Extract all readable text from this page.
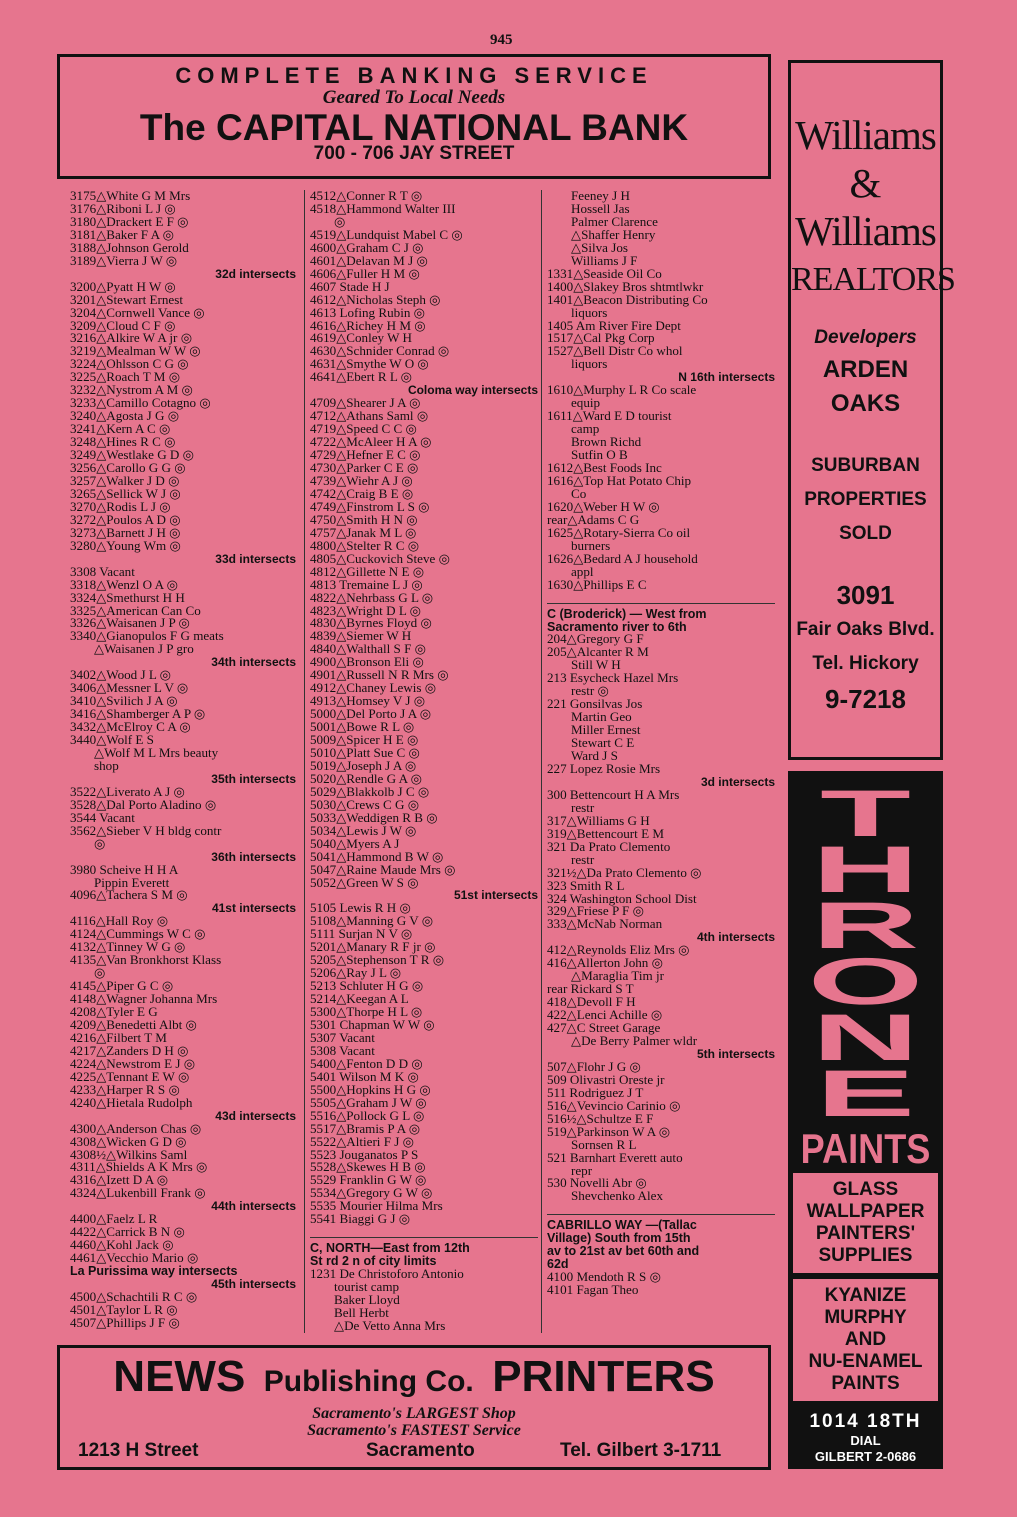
945
COMPLETE BANKING SERVICE
Geared To Local Needs
The CAPITAL NATIONAL BANK
700 - 706 JAY STREET
3175△White G M Mrs
3176△Riboni L J ◎
3180△Drackert E F ◎
3181△Baker F A ◎
3188△Johnson Gerold
3189△Vierra J W ◎
32d intersects
3200△Pyatt H W ◎
3201△Stewart Ernest
3204△Cornwell Vance ◎
3209△Cloud C F ◎
3216△Alkire W A jr ◎
3219△Mealman W W ◎
3224△Ohlsson C G ◎
3225△Roach T M ◎
3232△Nystrom A M ◎
3233△Camillo Cotagno ◎
3240△Agosta J G ◎
3241△Kern A C ◎
3248△Hines R C ◎
3249△Westlake G D ◎
3256△Carollo G G ◎
3257△Walker J D ◎
3265△Sellick W J ◎
3270△Rodis L J ◎
3272△Poulos A D ◎
3273△Barnett J H ◎
3280△Young Wm ◎
33d intersects
3308 Vacant
3318△Wenzl O A ◎
3324△Smethurst H H
3325△American Can Co
3326△Waisanen J P ◎
3340△Gianopulos F G meats
△Waisanen J P gro
34th intersects
3402△Wood J L ◎
3406△Messner L V ◎
3410△Svilich J A ◎
3416△Shamberger A P ◎
3432△McElroy C A ◎
3440△Wolf E S
△Wolf M L Mrs beauty
shop
35th intersects
3522△Liverato A J ◎
3528△Dal Porto Aladino ◎
3544 Vacant
3562△Sieber V H bldg contr
◎
36th intersects
3980 Scheive H H A
Pippin Everett
4096△Tachera S M ◎
41st intersects
4116△Hall Roy ◎
4124△Cummings W C ◎
4132△Tinney W G ◎
4135△Van Bronkhorst Klass
◎
4145△Piper G C ◎
4148△Wagner Johanna Mrs
4208△Tyler E G
4209△Benedetti Albt ◎
4216△Filbert T M
4217△Zanders D H ◎
4224△Newstrom E J ◎
4225△Tennant E W ◎
4233△Harper R S ◎
4240△Hietala Rudolph
43d intersects
4300△Anderson Chas ◎
4308△Wicken G D ◎
4308½△Wilkins Saml
4311△Shields A K Mrs ◎
4316△Izett D A ◎
4324△Lukenbill Frank ◎
44th intersects
4400△Faelz L R
4422△Carrick B N ◎
4460△Kohl Jack ◎
4461△Vecchio Mario ◎
La Purissima way intersects
45th intersects
4500△Schachtili R C ◎
4501△Taylor L R ◎
4507△Phillips J F ◎
4512△Conner R T ◎
4518△Hammond Walter III
◎
4519△Lundquist Mabel C ◎
4600△Graham C J ◎
4601△Delavan M J ◎
4606△Fuller H M ◎
4607 Stade H J
4612△Nicholas Steph ◎
4613 Lofing Rubin ◎
4616△Richey H M ◎
4619△Conley W H
4630△Schnider Conrad ◎
4631△Smythe W O ◎
4641△Ebert R L ◎
Coloma way intersects
4709△Shearer J A ◎
4712△Athans Saml ◎
4719△Speed C C ◎
4722△McAleer H A ◎
4729△Hefner E C ◎
4730△Parker C E ◎
4739△Wiehr A J ◎
4742△Craig B E ◎
4749△Finstrom L S ◎
4750△Smith H N ◎
4757△Janak M L ◎
4800△Stelter R C ◎
4805△Cuckovich Steve ◎
4812△Gillette N E ◎
4813 Tremaine L J ◎
4822△Nehrbass G L ◎
4823△Wright D L ◎
4830△Byrnes Floyd ◎
4839△Siemer W H
4840△Walthall S F ◎
4900△Bronson Eli ◎
4901△Russell N R Mrs ◎
4912△Chaney Lewis ◎
4913△Homsey V J ◎
5000△Del Porto J A ◎
5001△Bowe R L ◎
5009△Spicer H E ◎
5010△Platt Sue C ◎
5019△Joseph J A ◎
5020△Rendle G A ◎
5029△Blakkolb J C ◎
5030△Crews C G ◎
5033△Weddigen R B ◎
5034△Lewis J W ◎
5040△Myers A J
5041△Hammond B W ◎
5047△Raine Maude Mrs ◎
5052△Green W S ◎
51st intersects
5105 Lewis R H ◎
5108△Manning G V ◎
5111 Surjan N V ◎
5201△Manary R F jr ◎
5205△Stephenson T R ◎
5206△Ray J L ◎
5213 Schluter H G ◎
5214△Keegan A L
5300△Thorpe H L ◎
5301 Chapman W W ◎
5307 Vacant
5308 Vacant
5400△Fenton D D ◎
5401 Wilson M K ◎
5500△Hopkins H G ◎
5505△Graham J W ◎
5516△Pollock G L ◎
5517△Bramis P A ◎
5522△Altieri F J ◎
5523 Jouganatos P S
5528△Skewes H B ◎
5529 Franklin G W ◎
5534△Gregory G W ◎
5535 Mourier Hilma Mrs
5541 Biaggi G J ◎
C, NORTH—East from 12th
St rd 2 n of city limits
1231 De Christoforo Antonio
tourist camp
Baker Lloyd
Bell Herbt
△De Vetto Anna Mrs
Feeney J H
Hossell Jas
Palmer Clarence
△Shaffer Henry
△Silva Jos
Williams J F
1331△Seaside Oil Co
1400△Slakey Bros shtmtlwkr
1401△Beacon Distributing Co
liquors
1405 Am River Fire Dept
1517△Cal Pkg Corp
1527△Bell Distr Co whol
liquors
N 16th intersects
1610△Murphy L R Co scale
equip
1611△Ward E D tourist
camp
Brown Richd
Sutfin O B
1612△Best Foods Inc
1616△Top Hat Potato Chip
Co
1620△Weber H W ◎
rear△Adams C G
1625△Rotary-Sierra Co oil
burners
1626△Bedard A J household
appl
1630△Phillips E C
C (Broderick) — West from
Sacramento river to 6th
204△Gregory G F
205△Alcanter R M
Still W H
213 Esycheck Hazel Mrs
restr ◎
221 Gonsilvas Jos
Martin Geo
Miller Ernest
Stewart C E
Ward J S
227 Lopez Rosie Mrs
3d intersects
300 Bettencourt H A Mrs
restr
317△Williams G H
319△Bettencourt E M
321 Da Prato Clemento
restr
321½△Da Prato Clemento ◎
323 Smith R L
324 Washington School Dist
329△Friese P F ◎
333△McNab Norman
4th intersects
412△Reynolds Eliz Mrs ◎
416△Allerton John ◎
△Maraglia Tim jr
rear Rickard S T
418△Devoll F H
422△Lenci Achille ◎
427△C Street Garage
△De Berry Palmer wldr
5th intersects
507△Flohr J G ◎
509 Olivastri Oreste jr
511 Rodriguez J T
516△Vevincio Carinio ◎
516½△Schultze E F
519△Parkinson W A ◎
Sornsen R L
521 Barnhart Everett auto
repr
530 Novelli Abr ◎
Shevchenko Alex
CABRILLO WAY —(Tallac
Village) South from 15th
av to 21st av bet 60th and
62d
4100 Mendoth R S ◎
4101 Fagan Theo
Williams
&
Williams
REALTORS
Developers
ARDEN
OAKS
SUBURBAN
PROPERTIES
SOLD
3091
Fair Oaks Blvd.
Tel. Hickory
9-7218
T
H
R
O
N
E
PAINTS
GLASS
WALLPAPER
PAINTERS'
SUPPLIES
KYANIZE
MURPHY
AND
NU-ENAMEL
PAINTS
1014 18TH
DIAL
GILBERT 2-0686
NEWS Publishing Co. PRINTERS
Sacramento's LARGEST Shop
Sacramento's FASTEST Service
1213 H Street	Sacramento	Tel. Gilbert 3-1711
